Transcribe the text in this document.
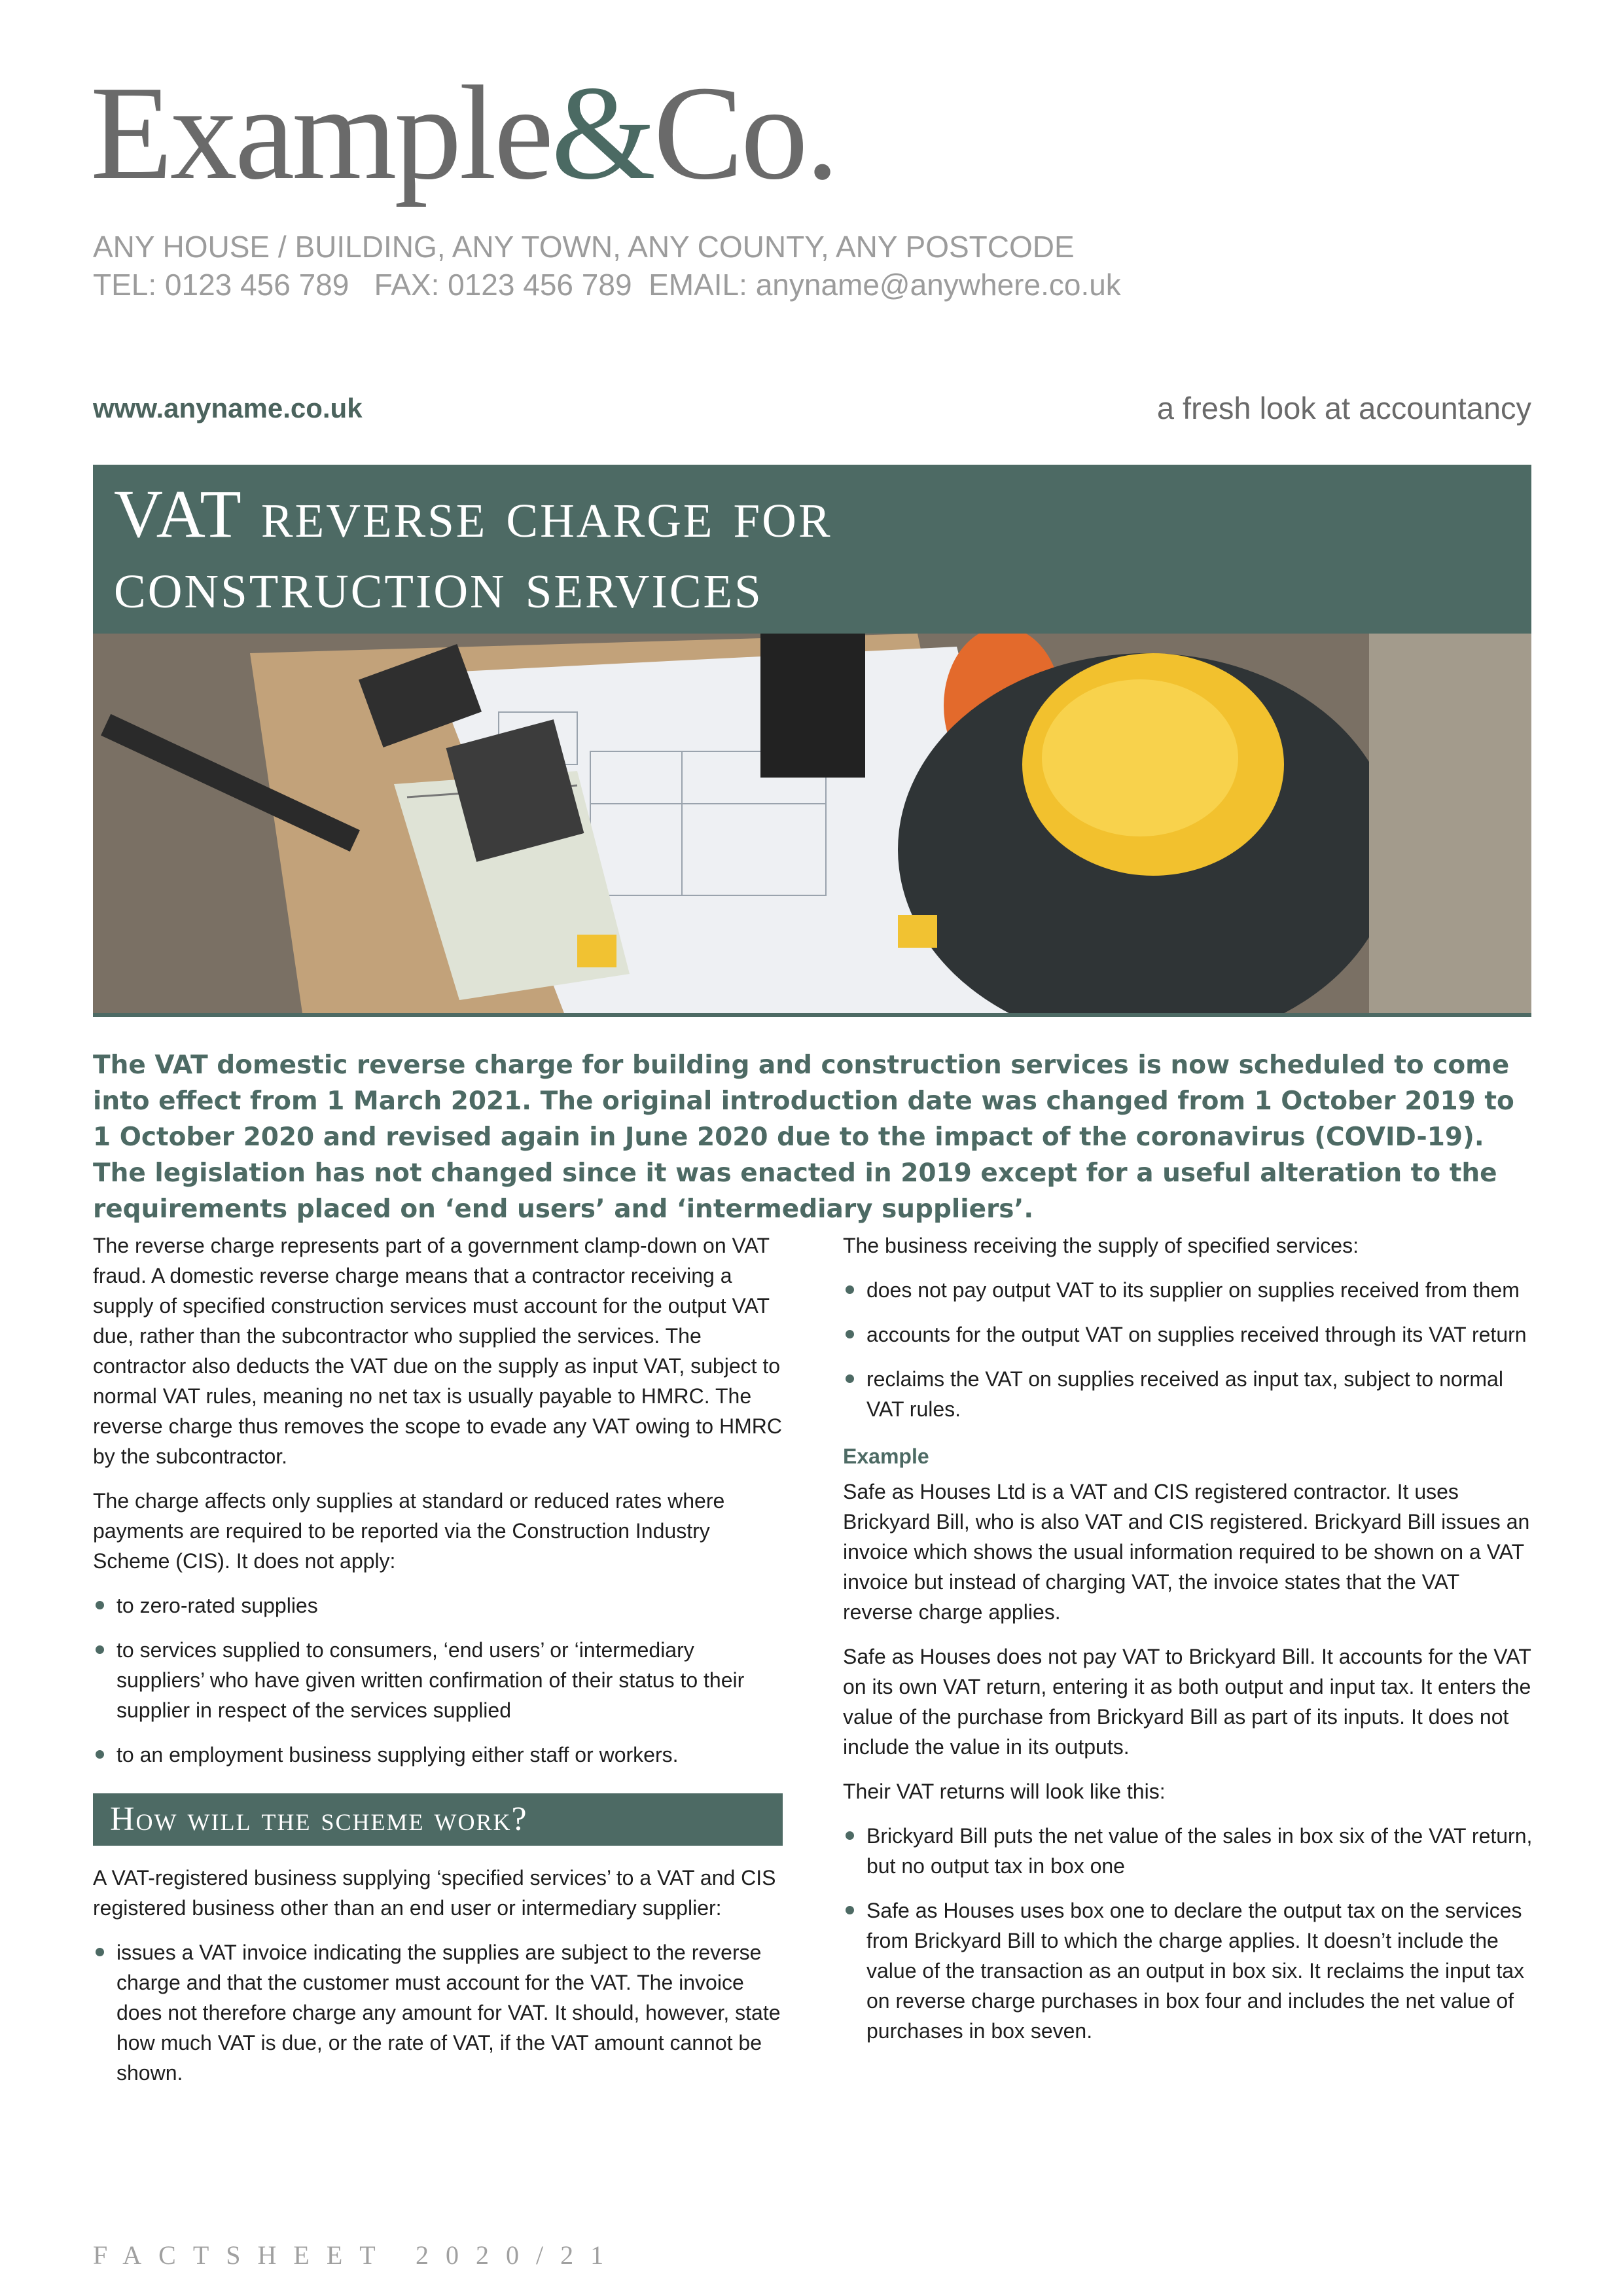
Example&Co.
ANY HOUSE / BUILDING, ANY TOWN, ANY COUNTY, ANY POSTCODE
TEL: 0123 456 789   FAX: 0123 456 789  EMAIL: anyname@anywhere.co.uk
www.anyname.co.uk	a fresh look at accountancy
VAT reverse charge for
construction services
The VAT domestic reverse charge for building and construction services is now scheduled to come into effect from 1 March 2021. The original introduction date was changed from 1 October 2019 to 1 October 2020 and revised again in June 2020 due to the impact of the coronavirus (COVID-19). The legislation has not changed since it was enacted in 2019 except for a useful alteration to the requirements placed on ‘end users’ and ‘intermediary suppliers’.

The reverse charge represents part of a government clamp-down on VAT fraud. A domestic reverse charge means that a contractor receiving a supply of specified construction services must account for the output VAT due, rather than the subcontractor who supplied the services. The contractor also deducts the VAT due on the supply as input VAT, subject to normal VAT rules, meaning no net tax is usually payable to HMRC. The reverse charge thus removes the scope to evade any VAT owing to HMRC by the subcontractor.

The charge affects only supplies at standard or reduced rates where payments are required to be reported via the Construction Industry Scheme (CIS). It does not apply:

to zero-rated supplies
to services supplied to consumers, ‘end users’ or ‘intermediary suppliers’ who have given written confirmation of their status to their supplier in respect of the services supplied
to an employment business supplying either staff or workers.
How will the scheme work?

A VAT-registered business supplying ‘specified services’ to a VAT and CIS registered business other than an end user or intermediary supplier:

issues a VAT invoice indicating the supplies are subject to the reverse charge and that the customer must account for the VAT. The invoice does not therefore charge any amount for VAT. It should, however, state how much VAT is due, or the rate of VAT, if the VAT amount cannot be shown.

The business receiving the supply of specified services:

does not pay output VAT to its supplier on supplies received from them
accounts for the output VAT on supplies received through its VAT return
reclaims the VAT on supplies received as input tax, subject to normal VAT rules.
Example

Safe as Houses Ltd is a VAT and CIS registered contractor. It uses Brickyard Bill, who is also VAT and CIS registered. Brickyard Bill issues an invoice which shows the usual information required to be shown on a VAT invoice but instead of charging VAT, the invoice states that the VAT reverse charge applies.

Safe as Houses does not pay VAT to Brickyard Bill. It accounts for the VAT on its own VAT return, entering it as both output and input tax. It enters the value of the purchase from Brickyard Bill as part of its inputs. It does not include the value in its outputs.

Their VAT returns will look like this:

Brickyard Bill puts the net value of the sales in box six of the VAT return, but no output tax in box one
Safe as Houses uses box one to declare the output tax on the services from Brickyard Bill to which the charge applies. It doesn’t include the value of the transaction as an output in box six. It reclaims the input tax on reverse charge purchases in box four and includes the net value of purchases in box seven.
FACTSHEET 2020/21
